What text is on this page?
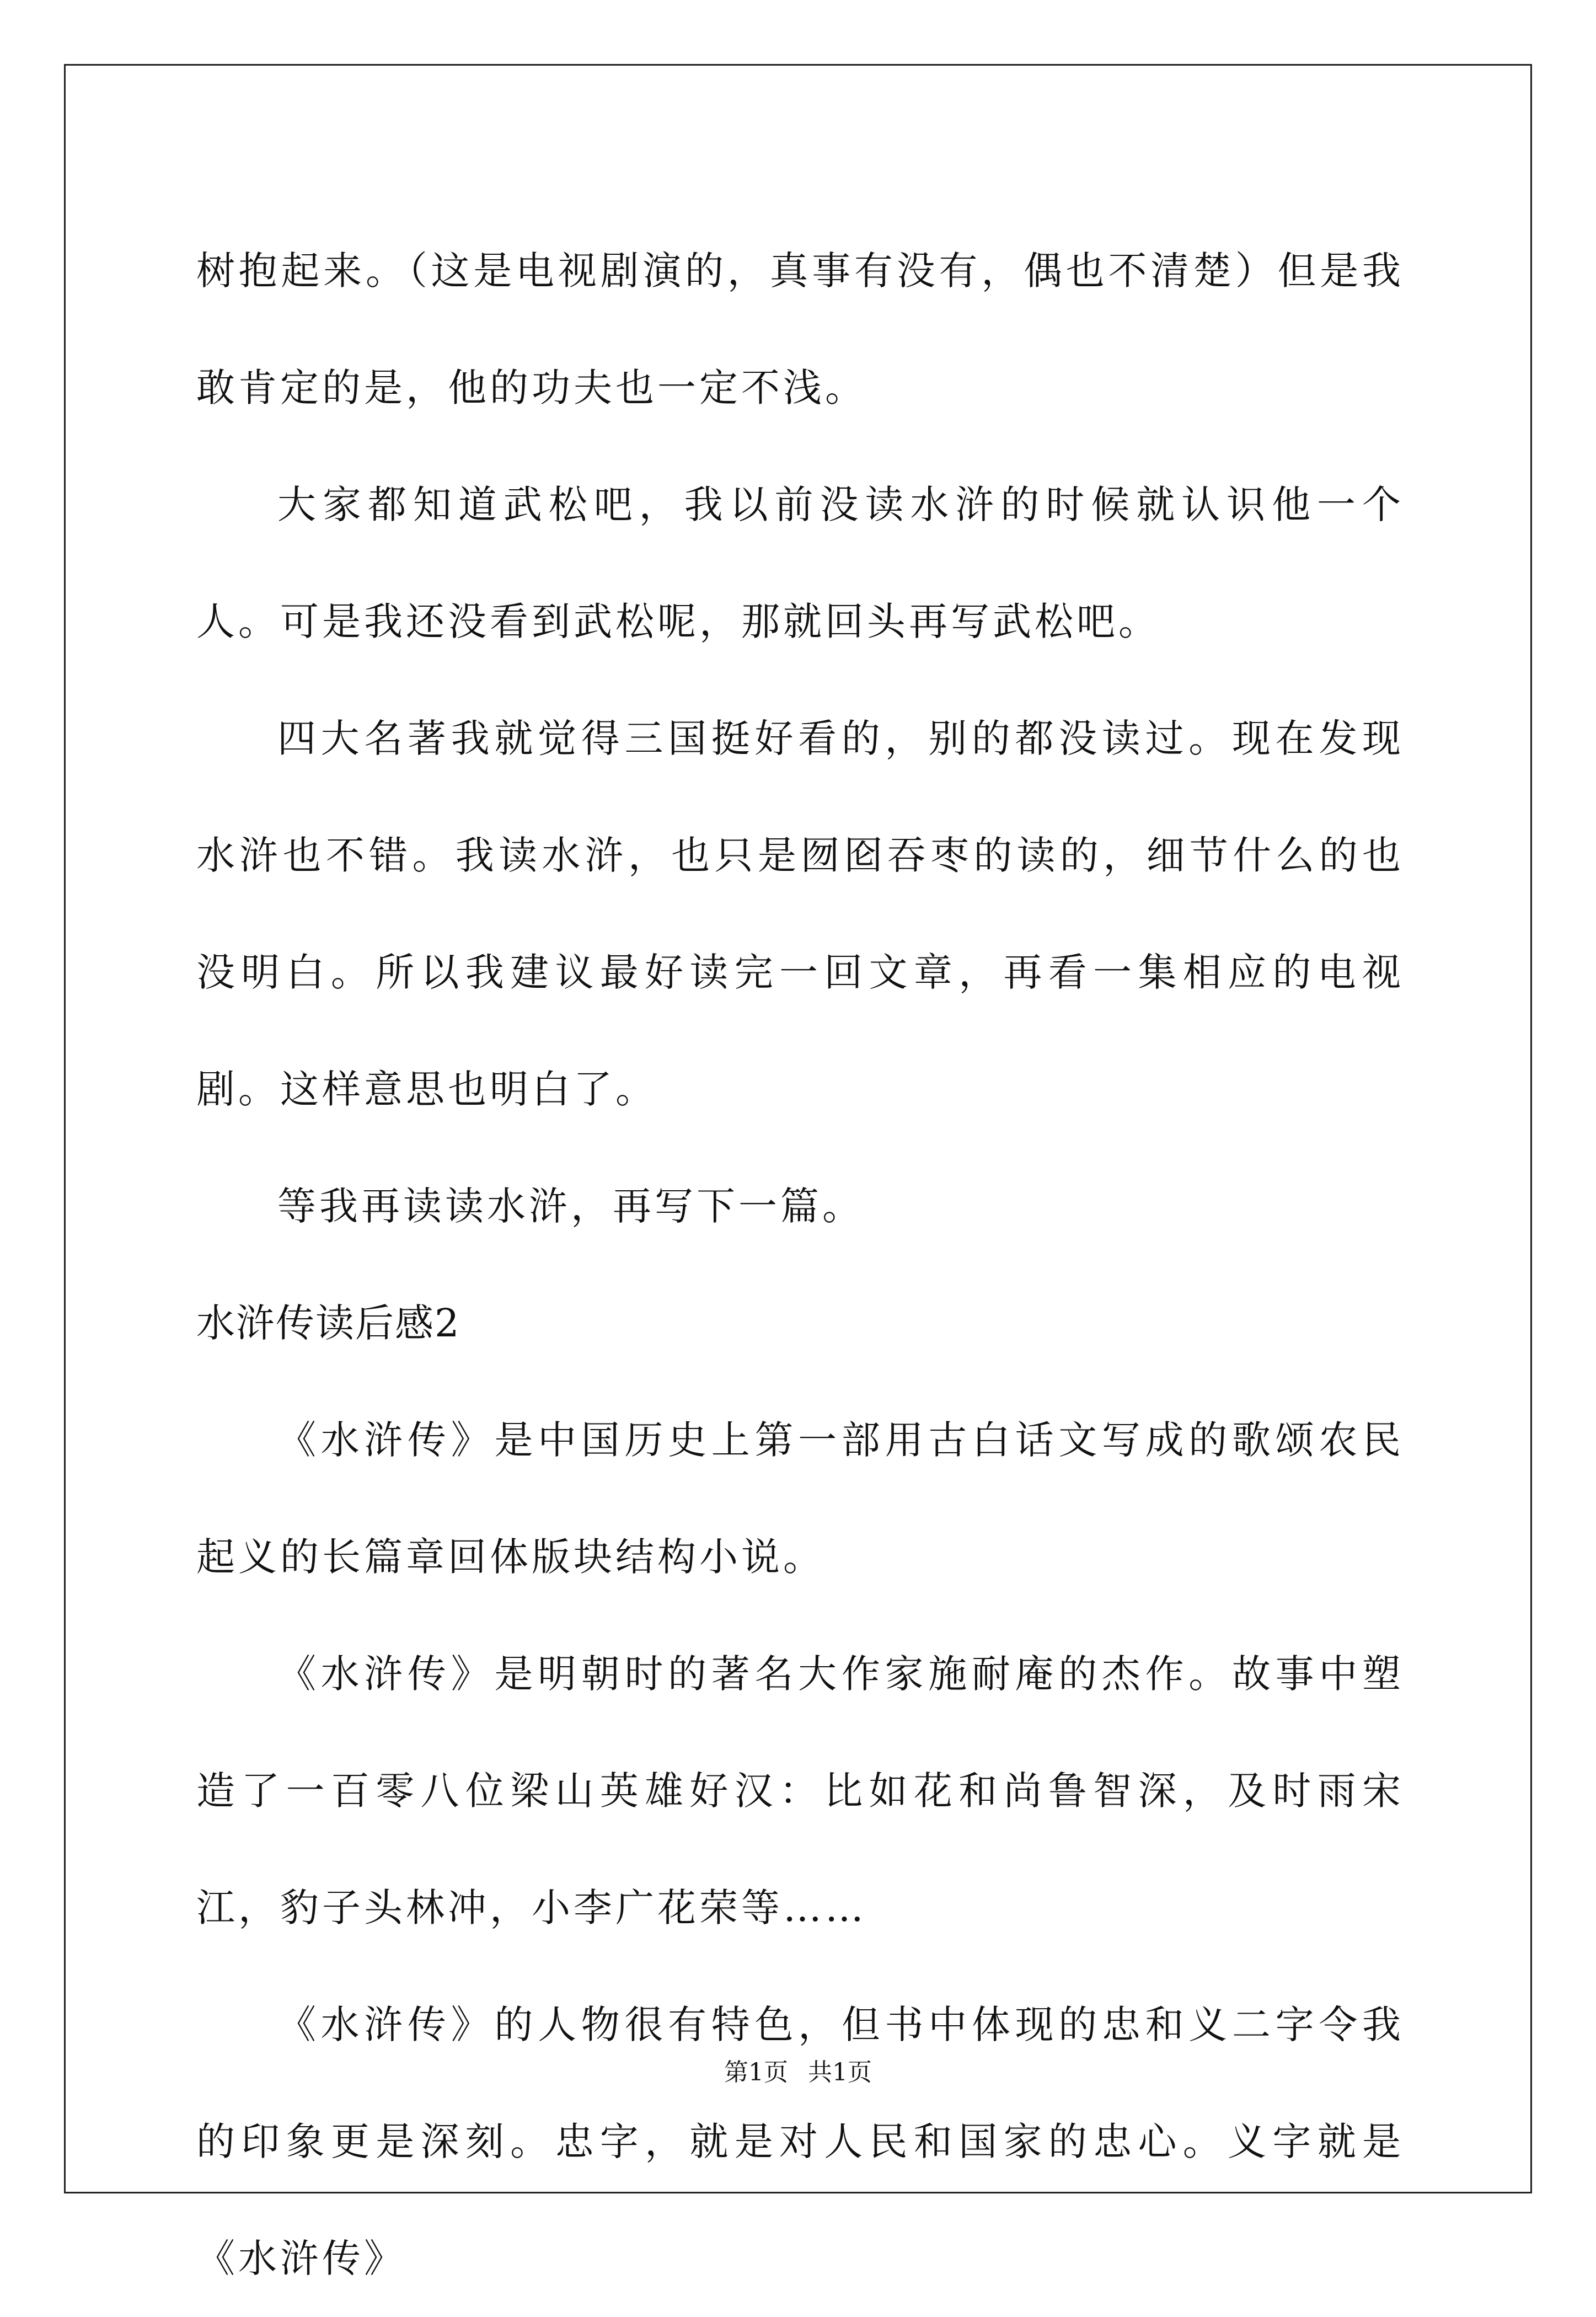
树抱起来。（这是电视剧演的，真事有没有，偶也不清楚）但是我敢肯定的是，他的功夫也一定不浅。

大家都知道武松吧，我以前没读水浒的时候就认识他一个人。可是我还没看到武松呢，那就回头再写武松吧。

四大名著我就觉得三国挺好看的，别的都没读过。现在发现水浒也不错。我读水浒，也只是囫囵吞枣的读的，细节什么的也没明白。所以我建议最好读完一回文章，再看一集相应的电视剧。这样意思也明白了。

等我再读读水浒，再写下一篇。

水浒传读后感2

《水浒传》是中国历史上第一部用古白话文写成的歌颂农民起义的长篇章回体版块结构小说。

《水浒传》是明朝时的著名大作家施耐庵的杰作。故事中塑造了一百零八位梁山英雄好汉：比如花和尚鲁智深，及时雨宋江，豹子头林冲，小李广花荣等……

《水浒传》的人物很有特色，但书中体现的忠和义二字令我的印象更是深刻。忠字，就是对人民和国家的忠心。义字就是《水浒传》

第1页 共1页
